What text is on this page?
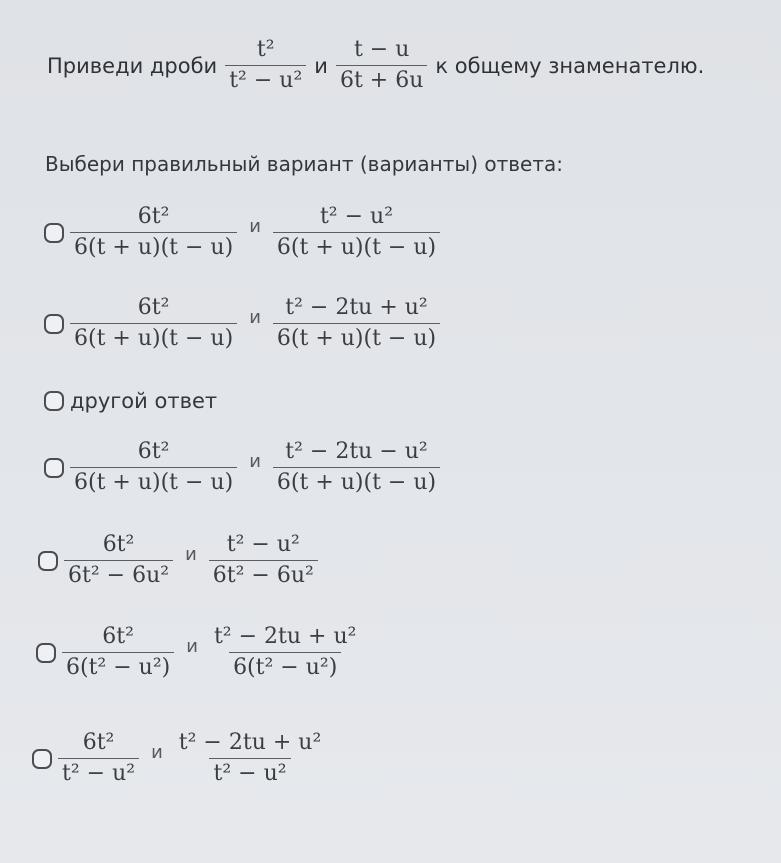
Приведи дроби $\frac{\text{t²}}{\text{t² − u²}}$ и $\frac{t - u}{6t + 6u}$ к общему знаменателю.
Выбери правильный вариант (варианты) ответа:
$\frac{\text{6t²}}{6(t + u)(t - u)}$ и $\frac{\text{t² − u²}}{6(t + u)(t - u)}$
$\frac{\text{6t²}}{6(t + u)(t - u)}$ и $\frac{\text{t² − 2tu + u²}}{6(t + u)(t - u)}$
другой ответ
$\frac{\text{6t²}}{6(t + u)(t - u)}$ и $\frac{\text{t² − 2tu − u²}}{6(t + u)(t - u)}$
$\frac{\text{6t²}}{\text{6t² − 6u²}}$ и $\frac{\text{t² − u²}}{\text{6t² − 6u²}}$
$\frac{\text{6t²}}{\text{6(t² − u²)}}$ и $\frac{\text{t² − 2tu + u²}}{\text{6(t² − u²)}}$
$\frac{\text{6t²}}{\text{t² − u²}}$ и $\frac{\text{t² − 2tu + u²}}{\text{t² − u²}}$
